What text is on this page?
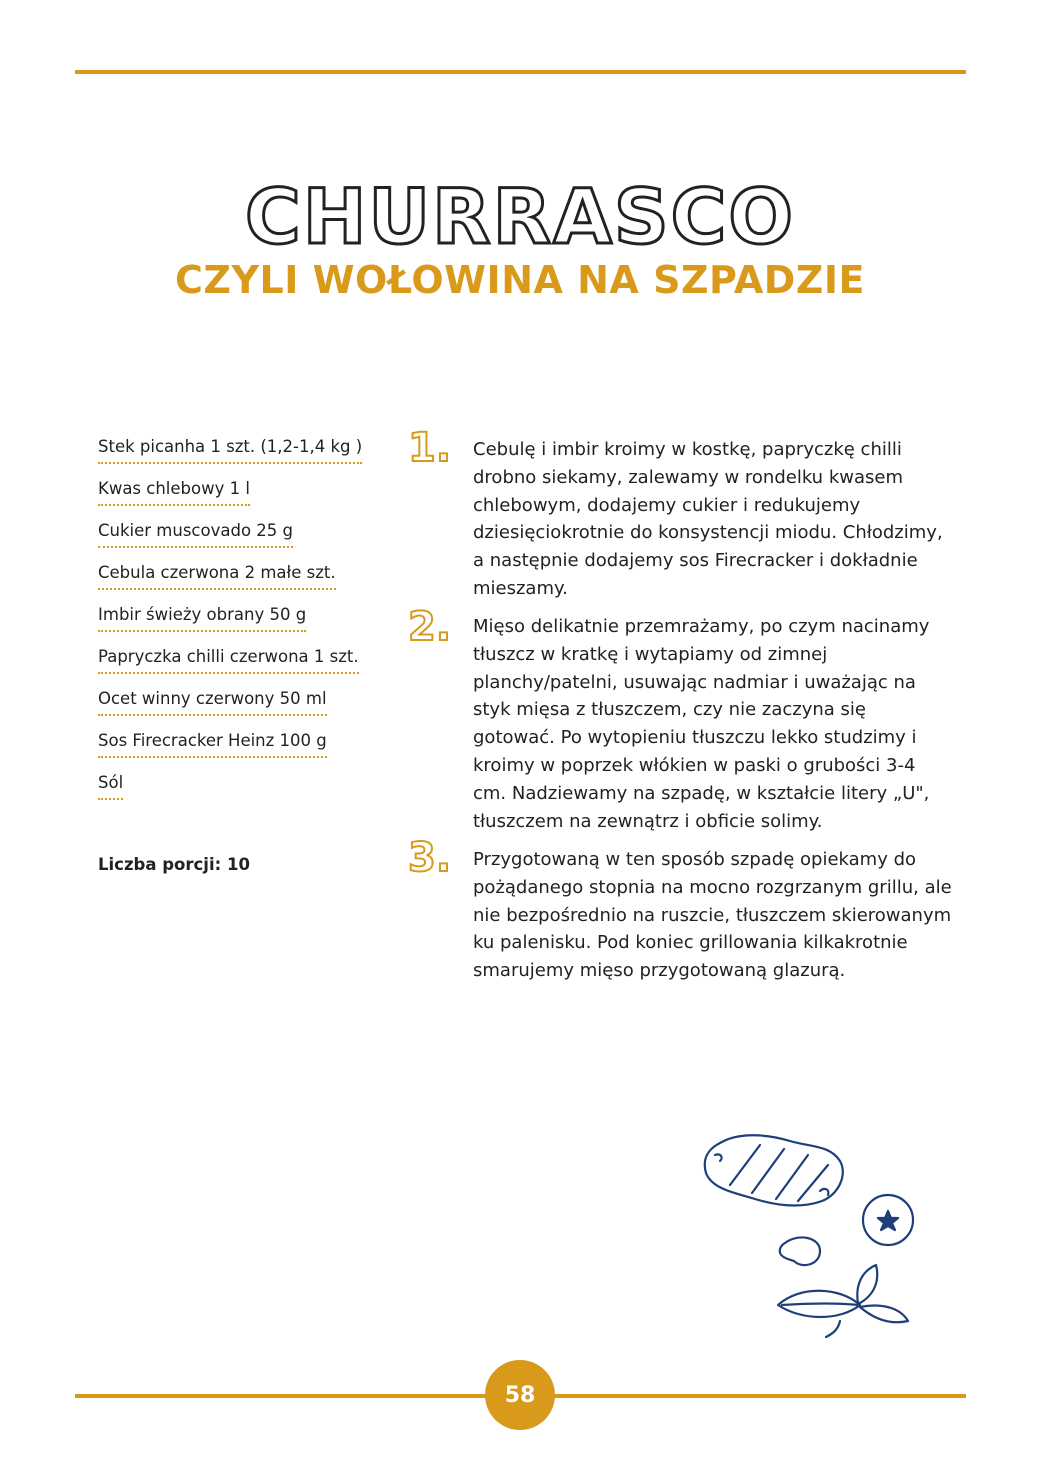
CHURRASCO
CZYLI WOŁOWINA NA SZPADZIE
Stek picanha 1 szt. (1,2-1,4 kg )
Kwas chlebowy 1 l
Cukier muscovado 25 g
Cebula czerwona 2 małe szt.
Imbir świeży obrany 50 g
Papryczka chilli czerwona 1 szt.
Ocet winny czerwony 50 ml
Sos Firecracker Heinz 100 g
Sól
Liczba porcji: 10
1. Cebulę i imbir kroimy w kostkę, papryczkę chilli drobno siekamy, zalewamy w rondelku kwasem chlebowym, dodajemy cukier i redukujemy dziesięciokrotnie do konsystencji miodu. Chłodzimy, a następnie dodajemy sos Firecracker i dokładnie mieszamy.

2. Mięso delikatnie przemrażamy, po czym nacinamy tłuszcz w kratkę i wytapiamy od zimnej planchy/patelni, usuwając nadmiar i uważając na styk mięsa z tłuszczem, czy nie zaczyna się gotować. Po wytopieniu tłuszczu lekko studzimy i kroimy w poprzek włókien w paski o grubości 3-4 cm. Nadziewamy na szpadę, w kształcie litery „U", tłuszczem na zewnątrz i obficie solimy.

3. Przygotowaną w ten sposób szpadę opiekamy do pożądanego stopnia na mocno rozgrzanym grillu, ale nie bezpośrednio na ruszcie, tłuszczem skierowanym ku palenisku. Pod koniec grillowania kilkakrotnie smarujemy mięso przygotowaną glazurą.

58
